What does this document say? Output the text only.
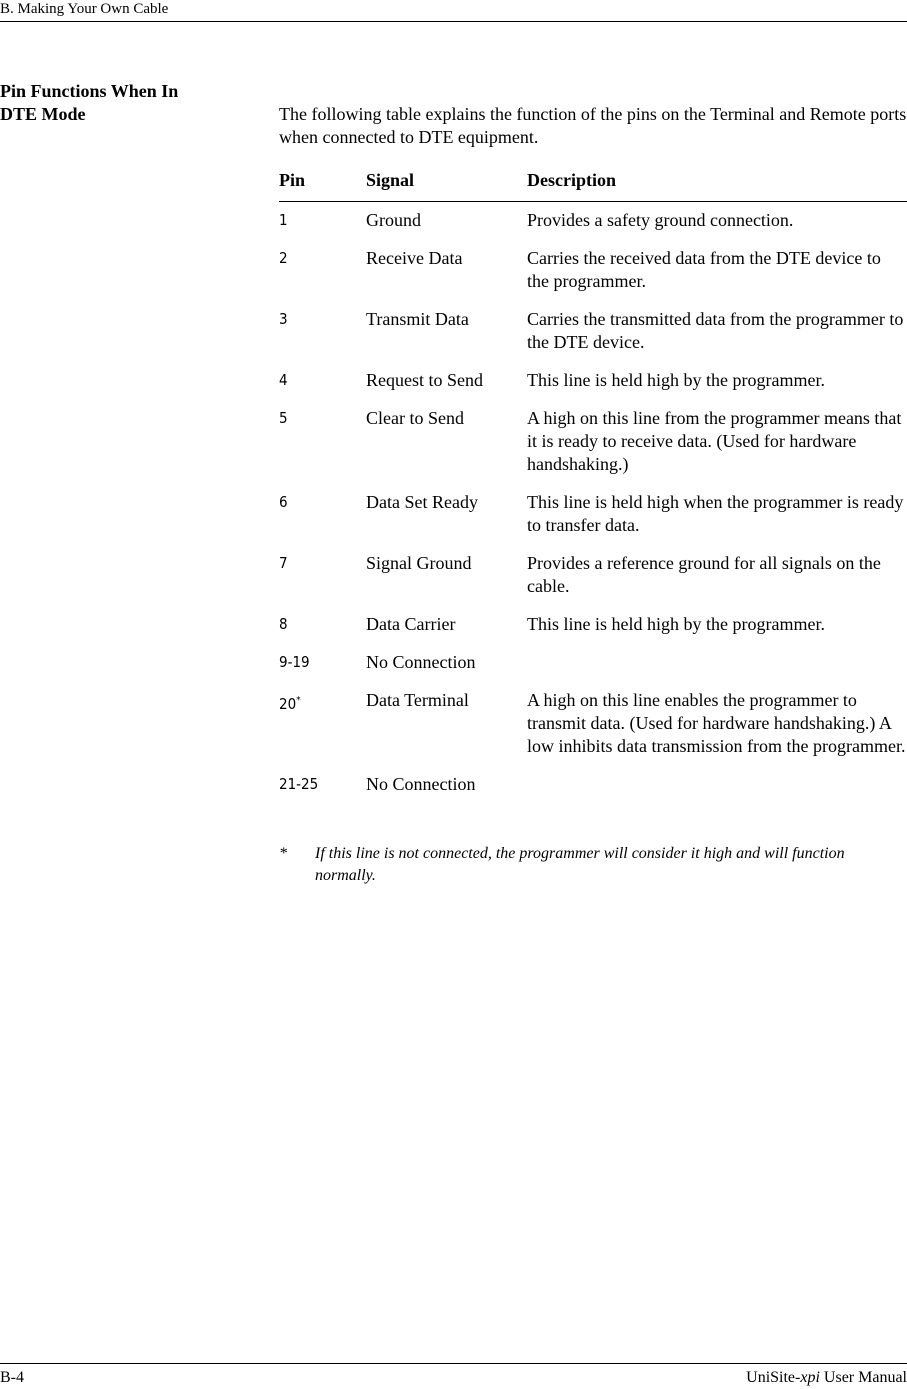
B. Making Your Own Cable
Pin Functions When In
DTE Mode	The following table explains the function of the pins on the Terminal and Remote ports when connected to DTE equipment.
Pin	Signal	Description
1	Ground	Provides a safety ground connection.
2	Receive Data	Carries the received data from the DTE device to the programmer.
3	Transmit Data	Carries the transmitted data from the programmer to the DTE device.
4	Request to Send	This line is held high by the programmer.
5	Clear to Send	A high on this line from the programmer means that it is ready to receive data. (Used for hardware handshaking.)
6	Data Set Ready	This line is held high when the programmer is ready to transfer data.
7	Signal Ground	Provides a reference ground for all signals on the cable.
8	Data Carrier	This line is held high by the programmer.
9-19	No Connection
20*	Data Terminal	A high on this line enables the programmer to transmit data. (Used for hardware handshaking.) A low inhibits data transmission from the programmer.
21-25	No Connection
*	If this line is not connected, the programmer will consider it high and will function normally.
B-4	UniSite-xpi User Manual
